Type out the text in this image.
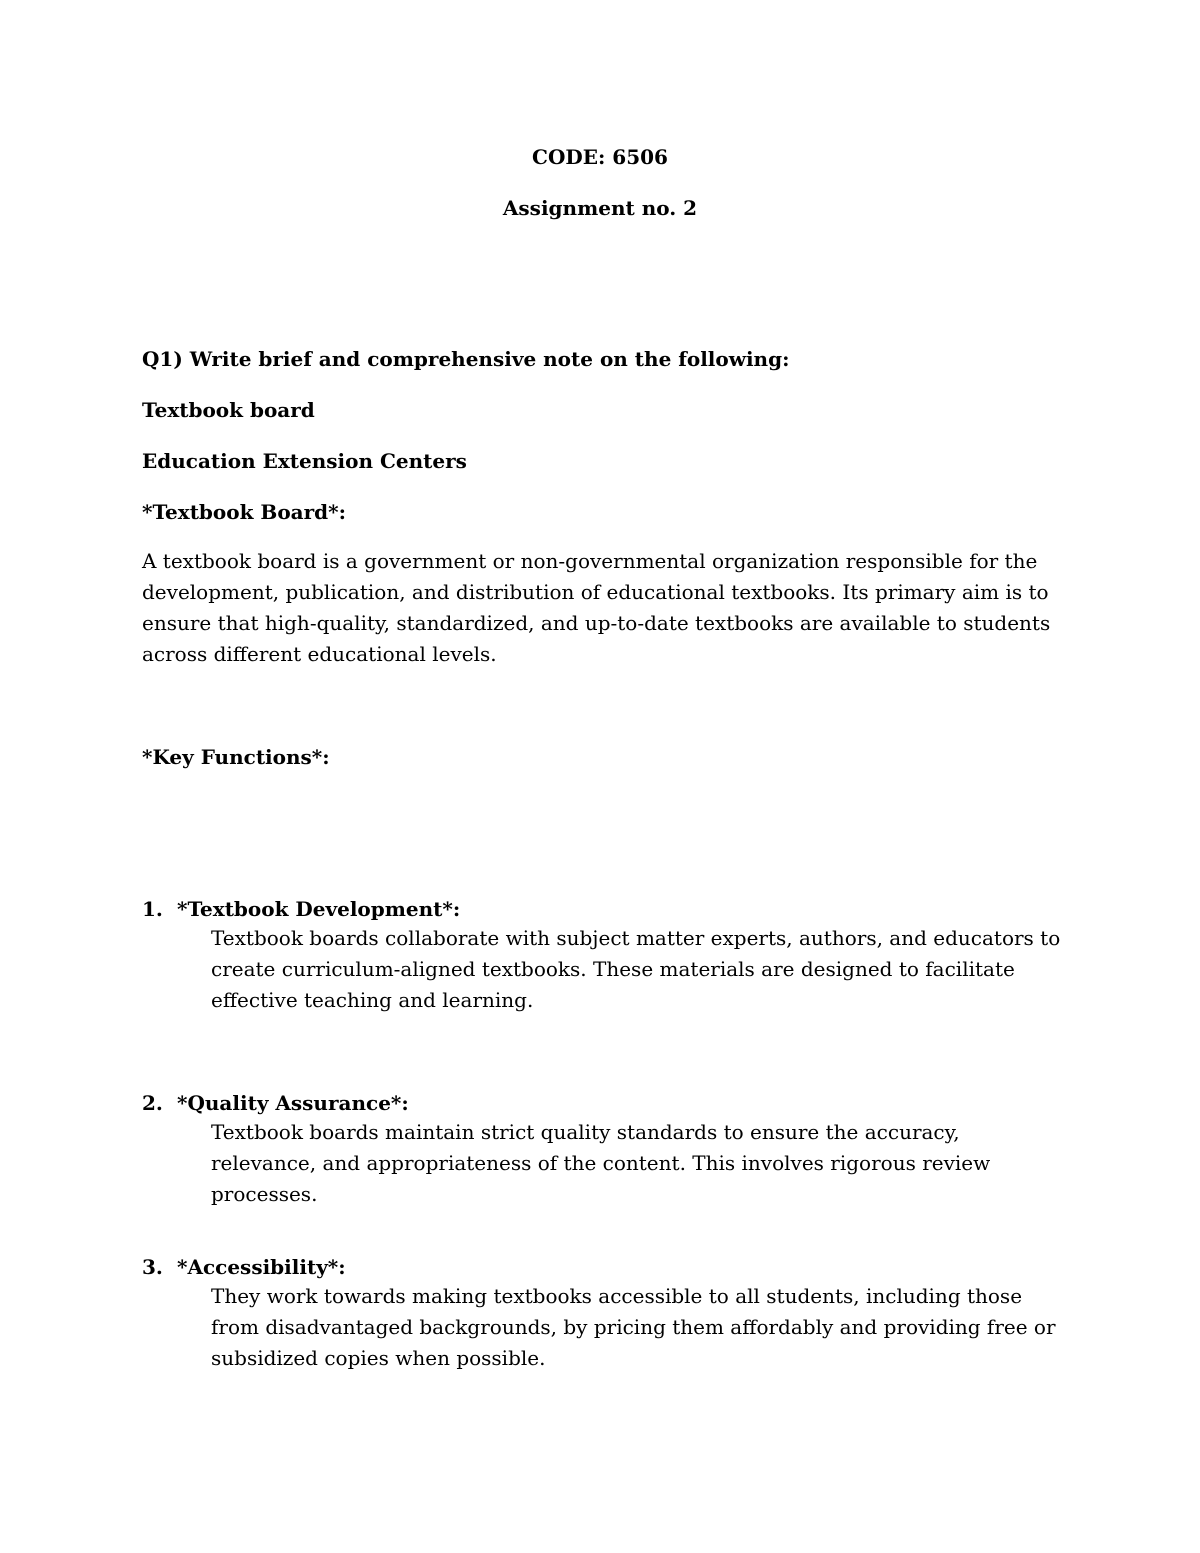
CODE: 6506
Assignment no. 2
Q1) Write brief and comprehensive note on the following:
Textbook board
Education Extension Centers
*Textbook Board*:

A textbook board is a government or non-governmental organization responsible for the development, publication, and distribution of educational textbooks. Its primary aim is to ensure that high-quality, standardized, and up-to-date textbooks are available to students across different educational levels.

*Key Functions*:
1. *Textbook Development*:

Textbook boards collaborate with subject matter experts, authors, and educators to create curriculum-aligned textbooks. These materials are designed to facilitate effective teaching and learning.

2. *Quality Assurance*:

Textbook boards maintain strict quality standards to ensure the accuracy, relevance, and appropriateness of the content. This involves rigorous review processes.

3. *Accessibility*:

They work towards making textbooks accessible to all students, including those from disadvantaged backgrounds, by pricing them affordably and providing free or subsidized copies when possible.
